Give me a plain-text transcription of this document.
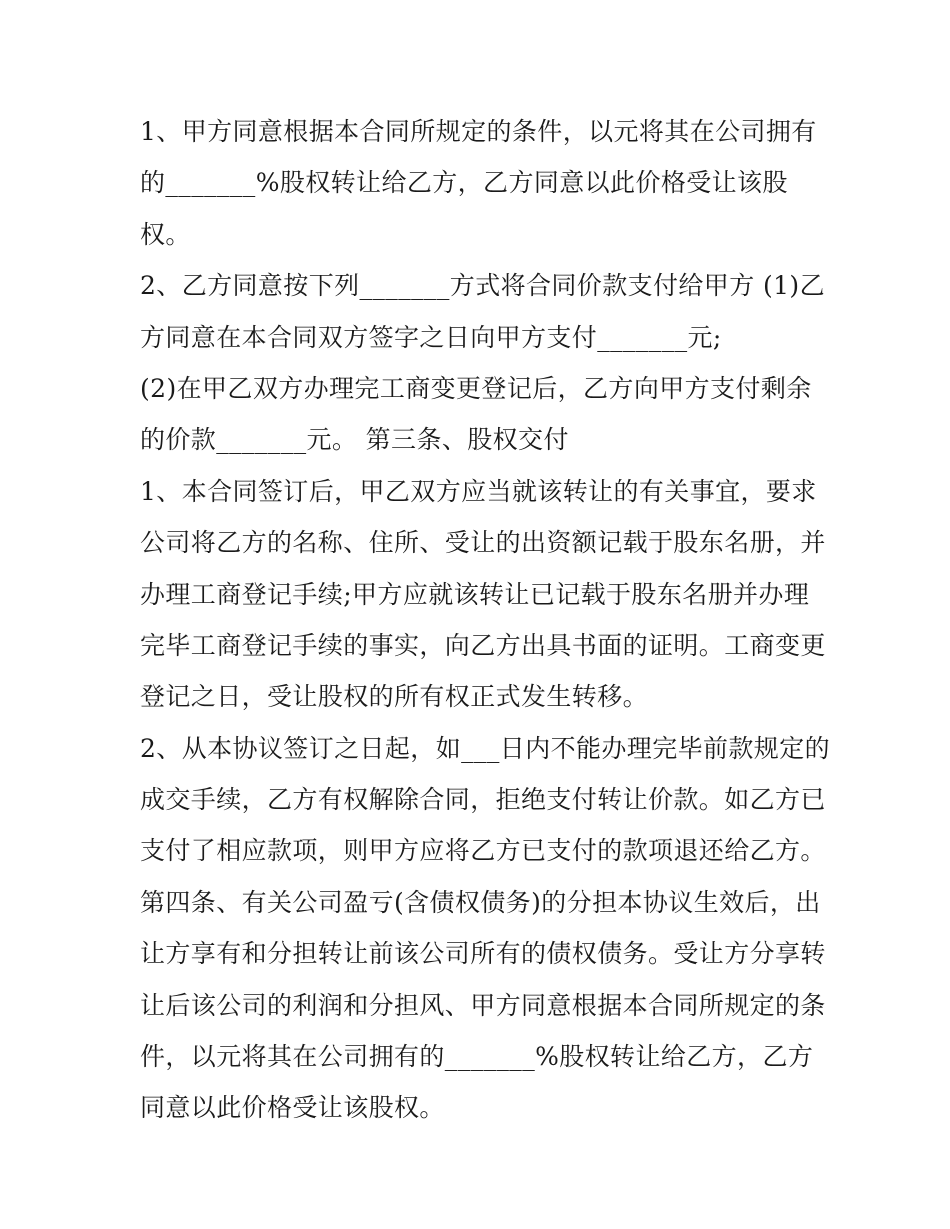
1、甲方同意根据本合同所规定的条件，以元将其在公司拥有
的_______%股权转让给乙方，乙方同意以此价格受让该股
权。
2、乙方同意按下列_______方式将合同价款支付给甲方 (1)乙
方同意在本合同双方签字之日向甲方支付_______元;
(2)在甲乙双方办理完工商变更登记后，乙方向甲方支付剩余
的价款_______元。 第三条、股权交付
1、本合同签订后，甲乙双方应当就该转让的有关事宜，要求
公司将乙方的名称、住所、受让的出资额记载于股东名册，并
办理工商登记手续;甲方应就该转让已记载于股东名册并办理
完毕工商登记手续的事实，向乙方出具书面的证明。工商变更
登记之日，受让股权的所有权正式发生转移。
2、从本协议签订之日起，如___日内不能办理完毕前款规定的
成交手续，乙方有权解除合同，拒绝支付转让价款。如乙方已
支付了相应款项，则甲方应将乙方已支付的款项退还给乙方。
第四条、有关公司盈亏(含债权债务)的分担本协议生效后，出
让方享有和分担转让前该公司所有的债权债务。受让方分享转
让后该公司的利润和分担风、甲方同意根据本合同所规定的条
件，以元将其在公司拥有的_______%股权转让给乙方，乙方
同意以此价格受让该股权。
